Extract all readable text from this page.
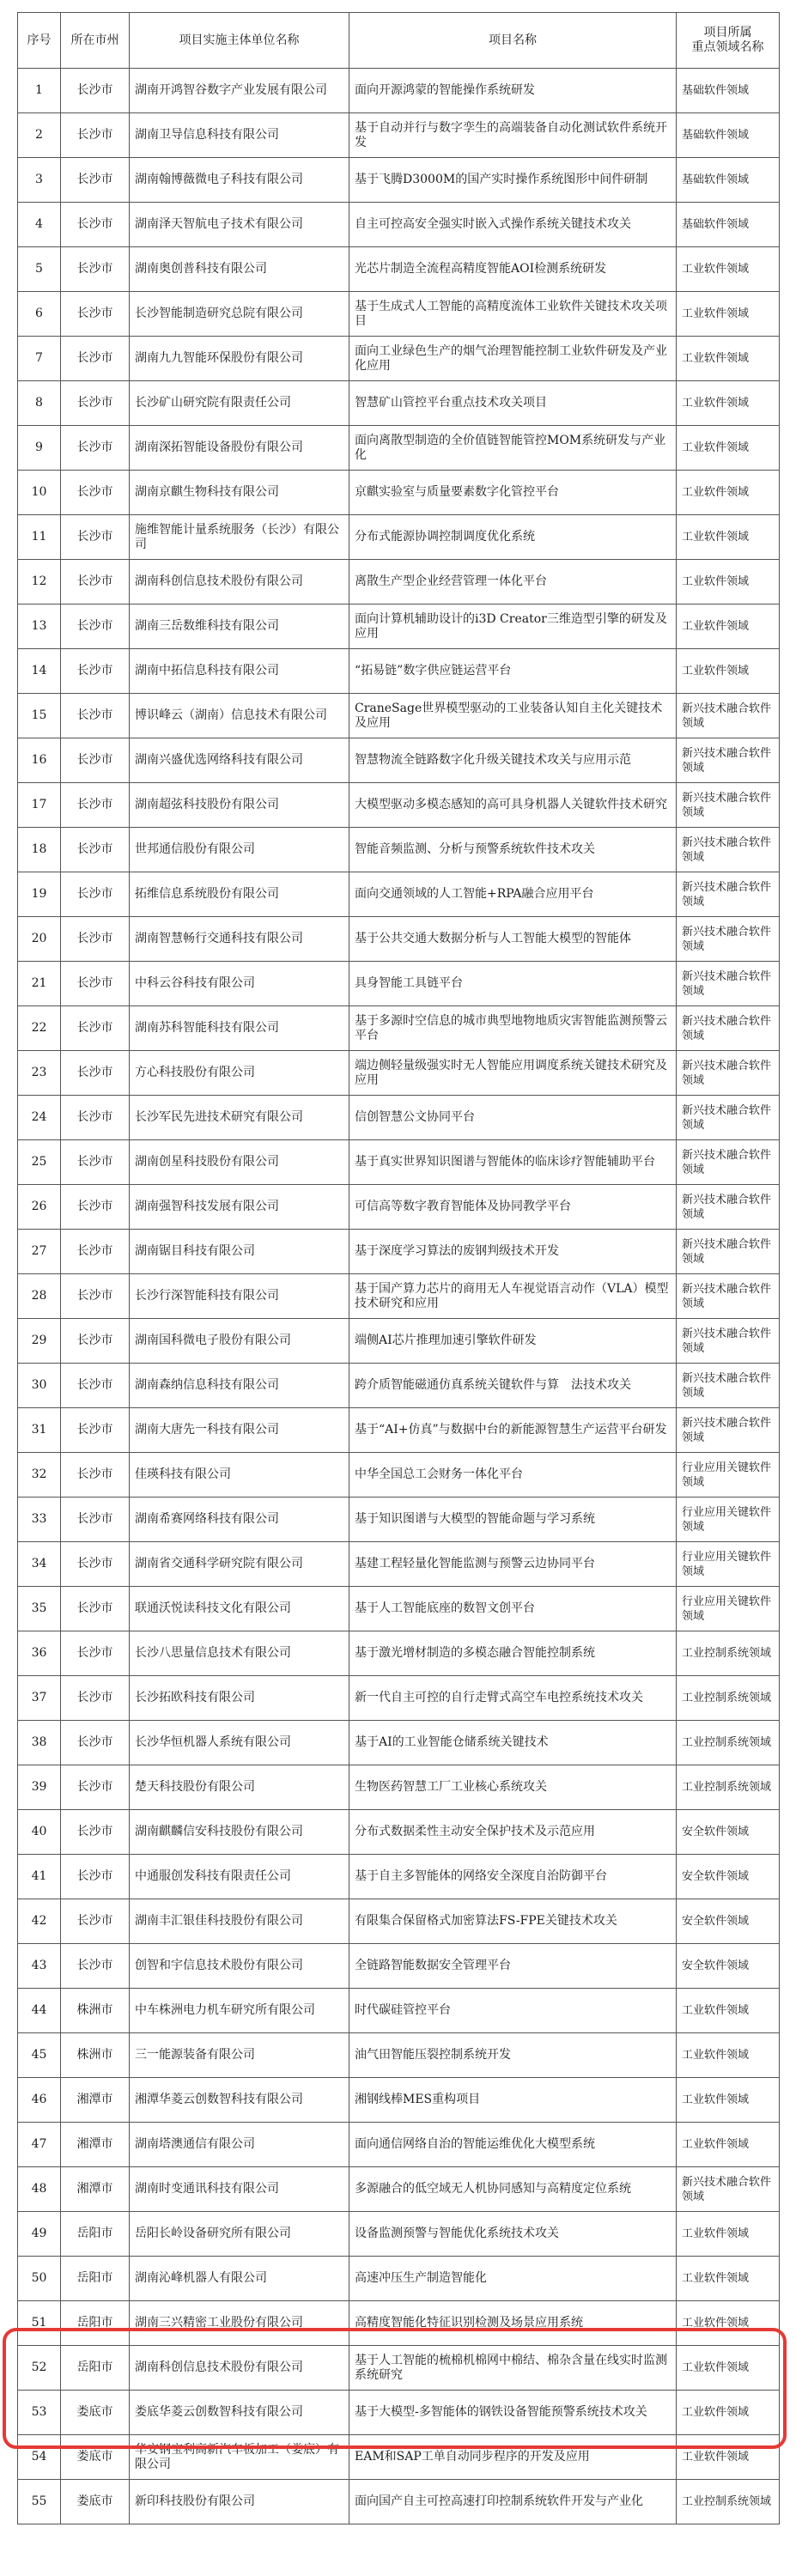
序号	所在市州	项目实施主体单位名称	项目名称	项目所属
重点领域名称
1	长沙市	湖南开鸿智谷数字产业发展有限公司	面向开源鸿蒙的智能操作系统研发	基础软件领域
2	长沙市	湖南卫导信息科技有限公司	基于自动并行与数字孪生的高端装备自动化测试软件系统开发	基础软件领域
3	长沙市	湖南翰博薇微电子科技有限公司	基于飞腾D3000M的国产实时操作系统图形中间件研制	基础软件领域
4	长沙市	湖南泽天智航电子技术有限公司	自主可控高安全强实时嵌入式操作系统关键技术攻关	基础软件领域
5	长沙市	湖南奥创普科技有限公司	光芯片制造全流程高精度智能AOI检测系统研发	工业软件领域
6	长沙市	长沙智能制造研究总院有限公司	基于生成式人工智能的高精度流体工业软件关键技术攻关项目	工业软件领域
7	长沙市	湖南九九智能环保股份有限公司	面向工业绿色生产的烟气治理智能控制工业软件研发及产业化应用	工业软件领域
8	长沙市	长沙矿山研究院有限责任公司	智慧矿山管控平台重点技术攻关项目	工业软件领域
9	长沙市	湖南深拓智能设备股份有限公司	面向离散型制造的全价值链智能管控MOM系统研发与产业化	工业软件领域
10	长沙市	湖南京麒生物科技有限公司	京麒实验室与质量要素数字化管控平台	工业软件领域
11	长沙市	施维智能计量系统服务（长沙）有限公司	分布式能源协调控制调度优化系统	工业软件领域
12	长沙市	湖南科创信息技术股份有限公司	离散生产型企业经营管理一体化平台	工业软件领域
13	长沙市	湖南三岳数维科技有限公司	面向计算机辅助设计的i3D Creator三维造型引擎的研发及应用	工业软件领域
14	长沙市	湖南中拓信息科技有限公司	“拓易链”数字供应链运营平台	工业软件领域
15	长沙市	博识峰云（湖南）信息技术有限公司	CraneSage世界模型驱动的工业装备认知自主化关键技术及应用	新兴技术融合软件领域
16	长沙市	湖南兴盛优选网络科技有限公司	智慧物流全链路数字化升级关键技术攻关与应用示范	新兴技术融合软件领域
17	长沙市	湖南超弦科技股份有限公司	大模型驱动多模态感知的高可具身机器人关键软件技术研究	新兴技术融合软件领域
18	长沙市	世邦通信股份有限公司	智能音频监测、分析与预警系统软件技术攻关	新兴技术融合软件领域
19	长沙市	拓维信息系统股份有限公司	面向交通领域的人工智能+RPA融合应用平台	新兴技术融合软件领域
20	长沙市	湖南智慧畅行交通科技有限公司	基于公共交通大数据分析与人工智能大模型的智能体	新兴技术融合软件领域
21	长沙市	中科云谷科技有限公司	具身智能工具链平台	新兴技术融合软件领域
22	长沙市	湖南苏科智能科技有限公司	基于多源时空信息的城市典型地物地质灾害智能监测预警云平台	新兴技术融合软件领域
23	长沙市	方心科技股份有限公司	端边侧轻量级强实时无人智能应用调度系统关键技术研究及应用	新兴技术融合软件领域
24	长沙市	长沙军民先进技术研究有限公司	信创智慧公文协同平台	新兴技术融合软件领域
25	长沙市	湖南创星科技股份有限公司	基于真实世界知识图谱与智能体的临床诊疗智能辅助平台	新兴技术融合软件领域
26	长沙市	湖南强智科技发展有限公司	可信高等数字教育智能体及协同教学平台	新兴技术融合软件领域
27	长沙市	湖南锯目科技有限公司	基于深度学习算法的废钢判级技术开发	新兴技术融合软件领域
28	长沙市	长沙行深智能科技有限公司	基于国产算力芯片的商用无人车视觉语言动作（VLA）模型技术研究和应用	新兴技术融合软件领域
29	长沙市	湖南国科微电子股份有限公司	端侧AI芯片推理加速引擎软件研发	新兴技术融合软件领域
30	长沙市	湖南森纳信息科技有限公司	跨介质智能磁通仿真系统关键软件与算　法技术攻关	新兴技术融合软件领域
31	长沙市	湖南大唐先一科技有限公司	基于“AI+仿真”与数据中台的新能源智慧生产运营平台研发	新兴技术融合软件领域
32	长沙市	佳瑛科技有限公司	中华全国总工会财务一体化平台	行业应用关键软件领域
33	长沙市	湖南希赛网络科技有限公司	基于知识图谱与大模型的智能命题与学习系统	行业应用关键软件领域
34	长沙市	湖南省交通科学研究院有限公司	基建工程轻量化智能监测与预警云边协同平台	行业应用关键软件领域
35	长沙市	联通沃悦读科技文化有限公司	基于人工智能底座的数智文创平台	行业应用关键软件领域
36	长沙市	长沙八思量信息技术有限公司	基于激光增材制造的多模态融合智能控制系统	工业控制系统领域
37	长沙市	长沙拓欧科技有限公司	新一代自主可控的自行走臂式高空车电控系统技术攻关	工业控制系统领域
38	长沙市	长沙华恒机器人系统有限公司	基于AI的工业智能仓储系统关键技术	工业控制系统领域
39	长沙市	楚天科技股份有限公司	生物医药智慧工厂工业核心系统攻关	工业控制系统领域
40	长沙市	湖南麒麟信安科技股份有限公司	分布式数据柔性主动安全保护技术及示范应用	安全软件领域
41	长沙市	中通服创发科技有限责任公司	基于自主多智能体的网络安全深度自治防御平台	安全软件领域
42	长沙市	湖南丰汇银佳科技股份有限公司	有限集合保留格式加密算法FS-FPE关键技术攻关	安全软件领域
43	长沙市	创智和宇信息技术股份有限公司	全链路智能数据安全管理平台	安全软件领域
44	株洲市	中车株洲电力机车研究所有限公司	时代碳硅管控平台	工业软件领域
45	株洲市	三一能源装备有限公司	油气田智能压裂控制系统开发	工业软件领域
46	湘潭市	湘潭华菱云创数智科技有限公司	湘钢线棒MES重构项目	工业软件领域
47	湘潭市	湖南塔澳通信有限公司	面向通信网络自治的智能运维优化大模型系统	工业软件领域
48	湘潭市	湖南时变通讯科技有限公司	多源融合的低空域无人机协同感知与高精度定位系统	新兴技术融合软件领域
49	岳阳市	岳阳长岭设备研究所有限公司	设备监测预警与智能优化系统技术攻关	工业软件领域
50	岳阳市	湖南沁峰机器人有限公司	高速冲压生产制造智能化	工业软件领域
51	岳阳市	湖南三兴精密工业股份有限公司	高精度智能化特征识别检测及场景应用系统	工业软件领域
52	岳阳市	湖南科创信息技术股份有限公司	基于人工智能的梳棉机棉网中棉结、棉杂含量在线实时监测系统研究	工业软件领域
53	娄底市	娄底华菱云创数智科技有限公司	基于大模型-多智能体的钢铁设备智能预警系统技术攻关	工业软件领域
54	娄底市	华安钢宝利高新汽车板加工（娄底）有限公司	EAM和SAP工单自动同步程序的开发及应用	工业软件领域
55	娄底市	新印科技股份有限公司	面向国产自主可控高速打印控制系统软件开发与产业化	工业控制系统领域
